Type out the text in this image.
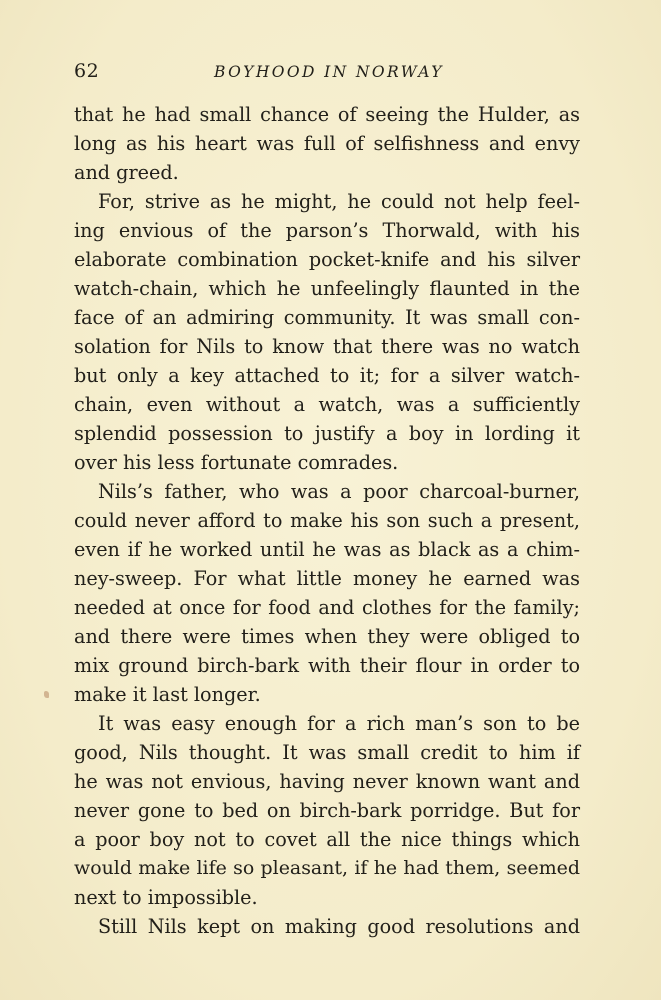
62	BOYHOOD IN NORWAY
that he had small chance of seeing the Hulder, as
long as his heart was full of selfishness and envy
and greed.
For, strive as he might, he could not help feel-
ing envious of the parson’s Thorwald, with his
elaborate combination pocket-knife and his silver
watch-chain, which he unfeelingly flaunted in the
face of an admiring community. It was small con-
solation for Nils to know that there was no watch
but only a key attached to it; for a silver watch-
chain, even without a watch, was a sufficiently
splendid possession to justify a boy in lording it
over his less fortunate comrades.
Nils’s father, who was a poor charcoal-burner,
could never afford to make his son such a present,
even if he worked until he was as black as a chim-
ney-sweep. For what little money he earned was
needed at once for food and clothes for the family;
and there were times when they were obliged to
mix ground birch-bark with their flour in order to
make it last longer.
It was easy enough for a rich man’s son to be
good, Nils thought. It was small credit to him if
he was not envious, having never known want and
never gone to bed on birch-bark porridge. But for
a poor boy not to covet all the nice things which
would make life so pleasant, if he had them, seemed
next to impossible.
Still Nils kept on making good resolutions and
